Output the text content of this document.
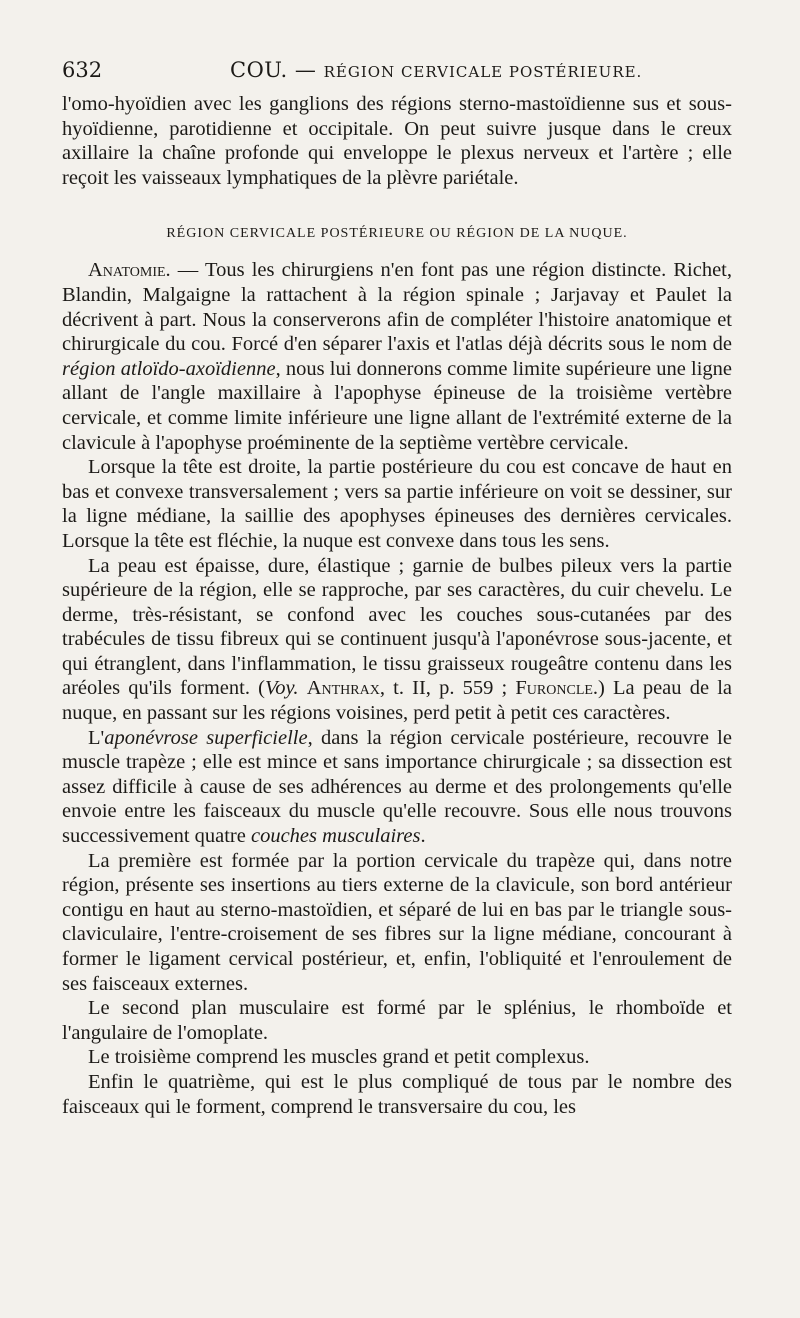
632	COU. — RÉGION CERVICALE POSTÉRIEURE.

l'omo-hyoïdien avec les ganglions des régions sterno-mastoïdienne sus et sous-hyoïdienne, parotidienne et occipitale. On peut suivre jusque dans le creux axillaire la chaîne profonde qui enveloppe le plexus nerveux et l'artère ; elle reçoit les vaisseaux lymphatiques de la plèvre pariétale.

RÉGION CERVICALE POSTÉRIEURE OU RÉGION DE LA NUQUE.

Anatomie. — Tous les chirurgiens n'en font pas une région distincte. Richet, Blandin, Malgaigne la rattachent à la région spinale ; Jarjavay et Paulet la décrivent à part. Nous la conserverons afin de compléter l'histoire anatomique et chirurgicale du cou. Forcé d'en séparer l'axis et l'atlas déjà décrits sous le nom de région atloïdo-axoïdienne, nous lui donnerons comme limite supérieure une ligne allant de l'angle maxillaire à l'apophyse épineuse de la troisième vertèbre cervicale, et comme limite inférieure une ligne allant de l'extrémité externe de la clavicule à l'apophyse proéminente de la septième vertèbre cervicale.

Lorsque la tête est droite, la partie postérieure du cou est concave de haut en bas et convexe transversalement ; vers sa partie inférieure on voit se dessiner, sur la ligne médiane, la saillie des apophyses épineuses des dernières cervicales. Lorsque la tête est fléchie, la nuque est convexe dans tous les sens.

La peau est épaisse, dure, élastique ; garnie de bulbes pileux vers la partie supérieure de la région, elle se rapproche, par ses caractères, du cuir chevelu. Le derme, très-résistant, se confond avec les couches sous-cutanées par des trabécules de tissu fibreux qui se continuent jusqu'à l'aponévrose sous-jacente, et qui étranglent, dans l'inflammation, le tissu graisseux rougeâtre contenu dans les aréoles qu'ils forment. (Voy. Anthrax, t. II, p. 559 ; Furoncle.) La peau de la nuque, en passant sur les régions voisines, perd petit à petit ces caractères.

L'aponévrose superficielle, dans la région cervicale postérieure, recouvre le muscle trapèze ; elle est mince et sans importance chirurgicale ; sa dissection est assez difficile à cause de ses adhérences au derme et des prolongements qu'elle envoie entre les faisceaux du muscle qu'elle recouvre. Sous elle nous trouvons successivement quatre couches musculaires.

La première est formée par la portion cervicale du trapèze qui, dans notre région, présente ses insertions au tiers externe de la clavicule, son bord antérieur contigu en haut au sterno-mastoïdien, et séparé de lui en bas par le triangle sous-claviculaire, l'entre-croisement de ses fibres sur la ligne médiane, concourant à former le ligament cervical postérieur, et, enfin, l'obliquité et l'enroulement de ses faisceaux externes.

Le second plan musculaire est formé par le splénius, le rhomboïde et l'angulaire de l'omoplate.

Le troisième comprend les muscles grand et petit complexus.

Enfin le quatrième, qui est le plus compliqué de tous par le nombre des faisceaux qui le forment, comprend le transversaire du cou, les
